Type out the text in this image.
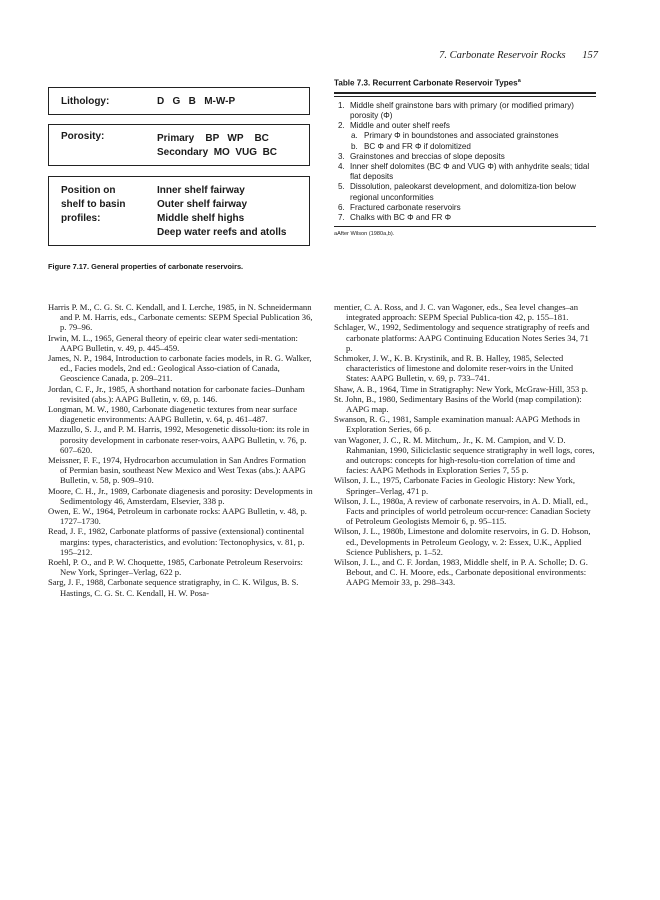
7. Carbonate Reservoir Rocks 157
Lithology:	D   G   B   M-W-P
Porosity:	Primary    BP   WP    BC
Secondary  MO  VUG  BC
Position on
shelf to basin
profiles:
Inner shelf fairway
Outer shelf fairway
Middle shelf highs
Deep water reefs and atolls
Figure 7.17. General properties of carbonate reservoirs.
Table 7.3. Recurrent Carbonate Reservoir Types$^a$
1. Middle shelf grainstone bars with primary (or modified primary) porosity (Φ)
2. Middle and outer shelf reefs
a. Primary Φ in boundstones and associated grainstones
b. BC Φ and FR Φ if dolomitized
3. Grainstones and breccias of slope deposits
4. Inner shelf dolomites (BC Φ and VUG Φ) with anhydrite seals; tidal flat deposits
5. Dissolution, paleokarst development, and dolomitiza-tion below regional unconformities
6. Fractured carbonate reservoirs
7. Chalks with BC Φ and FR Φ
aAfter Wilson (1980a,b).

Harris P. M., C. G. St. C. Kendall, and I. Lerche, 1985, in N. Schneidermann and P. M. Harris, eds., Carbonate cements: SEPM Special Publication 36, p. 79–96.

Irwin, M. L., 1965, General theory of epeiric clear water sedi-mentation: AAPG Bulletin, v. 49, p. 445–459.

James, N. P., 1984, Introduction to carbonate facies models, in R. G. Walker, ed., Facies models, 2nd ed.: Geological Asso-ciation of Canada, Geoscience Canada, p. 209–211.

Jordan, C. F., Jr., 1985, A shorthand notation for carbonate facies–Dunham revisited (abs.): AAPG Bulletin, v. 69, p. 146.

Longman, M. W., 1980, Carbonate diagenetic textures from near surface diagenetic environments: AAPG Bulletin, v. 64, p. 461–487.

Mazzullo, S. J., and P. M. Harris, 1992, Mesogenetic dissolu-tion: its role in porosity development in carbonate reser-voirs, AAPG Bulletin, v. 76, p. 607–620.

Meissner, F. F., 1974, Hydrocarbon accumulation in San Andres Formation of Permian basin, southeast New Mexico and West Texas (abs.): AAPG Bulletin, v. 58, p. 909–910.

Moore, C. H., Jr., 1989, Carbonate diagenesis and porosity: Developments in Sedimentology 46, Amsterdam, Elsevier, 338 p.

Owen, E. W., 1964, Petroleum in carbonate rocks: AAPG Bulletin, v. 48, p. 1727–1730.

Read, J. F., 1982, Carbonate platforms of passive (extensional) continental margins: types, characteristics, and evolution: Tectonophysics, v. 81, p. 195–212.

Roehl, P. O., and P. W. Choquette, 1985, Carbonate Petroleum Reservoirs: New York, Springer–Verlag, 622 p.

Sarg, J. F., 1988, Carbonate sequence stratigraphy, in C. K. Wilgus, B. S. Hastings, C. G. St. C. Kendall, H. W. Posa-

mentier, C. A. Ross, and J. C. van Wagoner, eds., Sea level changes–an integrated approach: SEPM Special Publica-tion 42, p. 155–181.

Schlager, W., 1992, Sedimentology and sequence stratigraphy of reefs and carbonate platforms: AAPG Continuing Education Notes Series 34, 71 p.

Schmoker, J. W., K. B. Krystinik, and R. B. Halley, 1985, Selected characteristics of limestone and dolomite reser-voirs in the United States: AAPG Bulletin, v. 69, p. 733–741.

Shaw, A. B., 1964, Time in Stratigraphy: New York, McGraw-Hill, 353 p.

St. John, B., 1980, Sedimentary Basins of the World (map compilation): AAPG map.

Swanson, R. G., 1981, Sample examination manual: AAPG Methods in Exploration Series, 66 p.

van Wagoner, J. C., R. M. Mitchum,. Jr., K. M. Campion, and V. D. Rahmanian, 1990, Siliciclastic sequence stratigraphy in well logs, cores, and outcrops: concepts for high-resolu-tion correlation of time and facies: AAPG Methods in Exploration Series 7, 55 p.

Wilson, J. L., 1975, Carbonate Facies in Geologic History: New York, Springer–Verlag, 471 p.

Wilson, J. L., 1980a, A review of carbonate reservoirs, in A. D. Miall, ed., Facts and principles of world petroleum occur-rence: Canadian Society of Petroleum Geologists Memoir 6, p. 95–115.

Wilson, J. L., 1980b, Limestone and dolomite reservoirs, in G. D. Hobson, ed., Developments in Petroleum Geology, v. 2: Essex, U.K., Applied Science Publishers, p. 1–52.

Wilson, J. L., and C. F. Jordan, 1983, Middle shelf, in P. A. Scholle; D. G. Bebout, and C. H. Moore, eds., Carbonate depositional environments: AAPG Memoir 33, p. 298–343.
